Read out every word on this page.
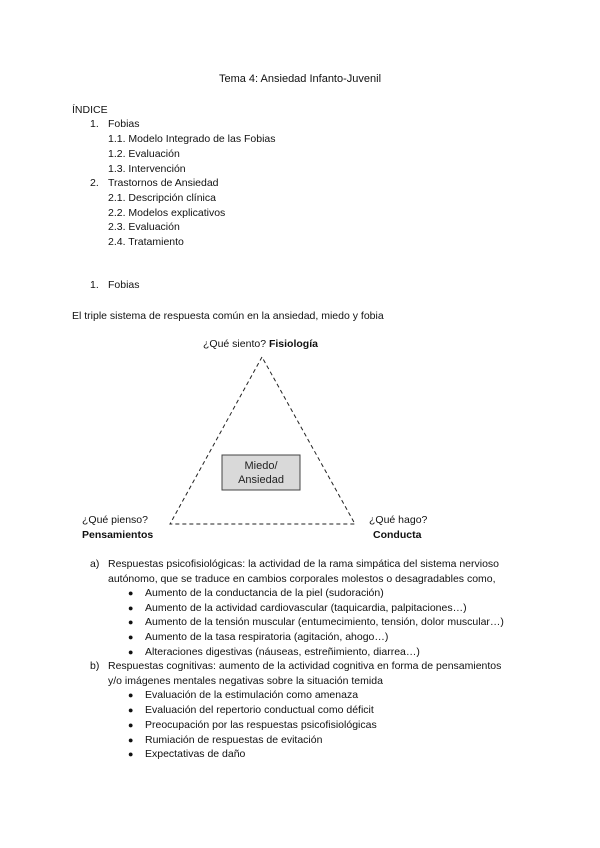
Tema 4: Ansiedad Infanto-Juvenil
ÍNDICE
1. Fobias
1.1. Modelo Integrado de las Fobias
1.2. Evaluación
1.3. Intervención
2. Trastornos de Ansiedad
2.1. Descripción clínica
2.2. Modelos explicativos
2.3. Evaluación
2.4. Tratamiento
1. Fobias
El triple sistema de respuesta común en la ansiedad, miedo y fobia
Miedo/
Ansiedad
¿Qué siento? Fisiología
¿Qué pienso?
Pensamientos
¿Qué hago?
Conducta
a) Respuestas psicofisiológicas: la actividad de la rama simpática del sistema nervioso
autónomo, que se traduce en cambios corporales molestos o desagradables como,
● Aumento de la conductancia de la piel (sudoración)
● Aumento de la actividad cardiovascular (taquicardia, palpitaciones…)
● Aumento de la tensión muscular (entumecimiento, tensión, dolor muscular…)
● Aumento de la tasa respiratoria (agitación, ahogo…)
● Alteraciones digestivas (náuseas, estreñimiento, diarrea…)
b) Respuestas cognitivas: aumento de la actividad cognitiva en forma de pensamientos
y/o imágenes mentales negativas sobre la situación temida
● Evaluación de la estimulación como amenaza
● Evaluación del repertorio conductual como déficit
● Preocupación por las respuestas psicofisiológicas
● Rumiación de respuestas de evitación
● Expectativas de daño
